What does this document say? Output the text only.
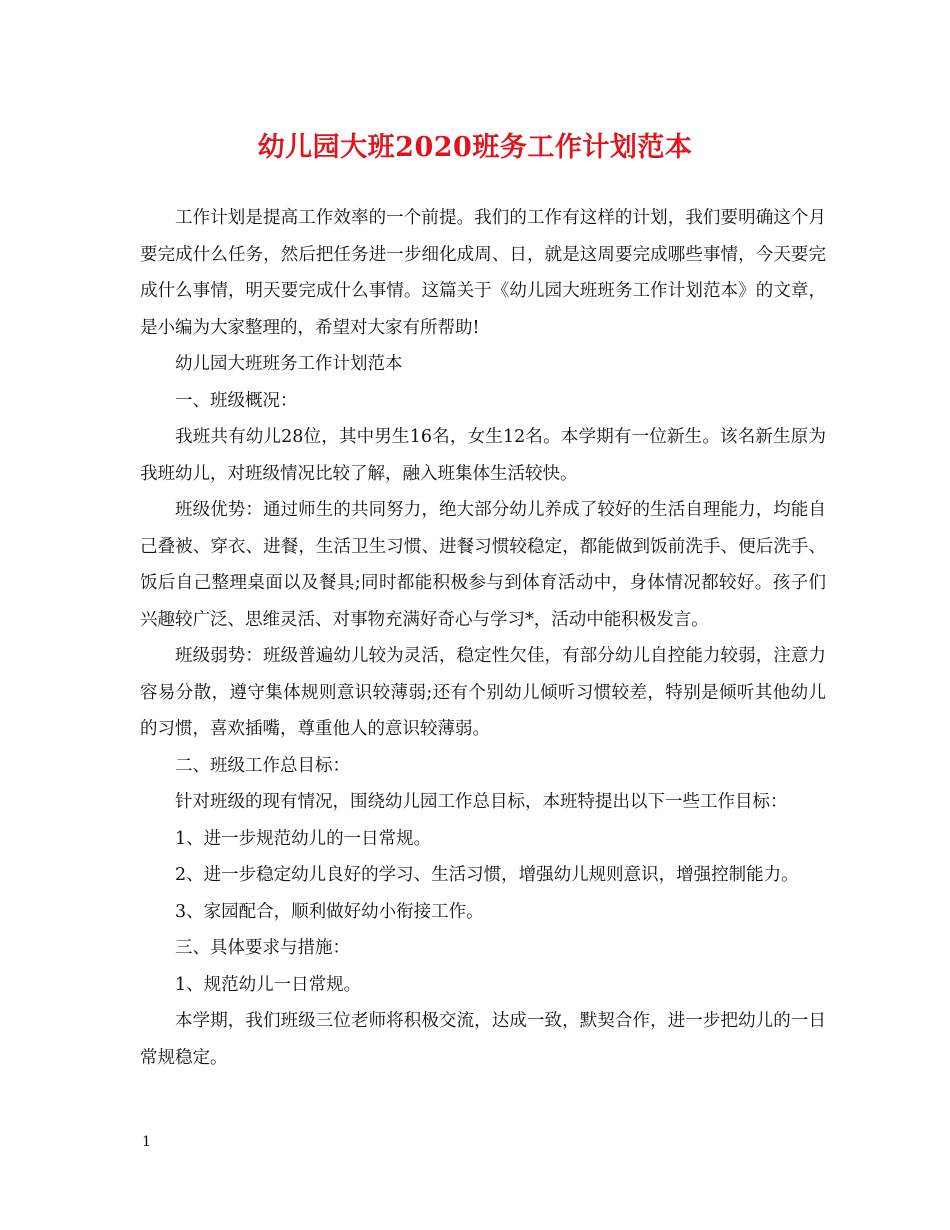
幼儿园大班2020班务工作计划范本

工作计划是提高工作效率的一个前提。我们的工作有这样的计划，我们要明确这个月要完成什么任务，然后把任务进一步细化成周、日，就是这周要完成哪些事情，今天要完成什么事情，明天要完成什么事情。这篇关于《幼儿园大班班务工作计划范本》的文章，是小编为大家整理的，希望对大家有所帮助!

幼儿园大班班务工作计划范本

一、班级概况：

我班共有幼儿28位，其中男生16名，女生12名。本学期有一位新生。该名新生原为我班幼儿，对班级情况比较了解，融入班集体生活较快。

班级优势：通过师生的共同努力，绝大部分幼儿养成了较好的生活自理能力，均能自己叠被、穿衣、进餐，生活卫生习惯、进餐习惯较稳定，都能做到饭前洗手、便后洗手、饭后自己整理桌面以及餐具;同时都能积极参与到体育活动中，身体情况都较好。孩子们兴趣较广泛、思维灵活、对事物充满好奇心与学习*，活动中能积极发言。

班级弱势：班级普遍幼儿较为灵活，稳定性欠佳，有部分幼儿自控能力较弱，注意力容易分散，遵守集体规则意识较薄弱;还有个别幼儿倾听习惯较差，特别是倾听其他幼儿的习惯，喜欢插嘴，尊重他人的意识较薄弱。

二、班级工作总目标：

针对班级的现有情况，围绕幼儿园工作总目标，本班特提出以下一些工作目标：

1、进一步规范幼儿的一日常规。

2、进一步稳定幼儿良好的学习、生活习惯，增强幼儿规则意识，增强控制能力。

3、家园配合，顺利做好幼小衔接工作。

三、具体要求与措施：

1、规范幼儿一日常规。

本学期，我们班级三位老师将积极交流，达成一致，默契合作，进一步把幼儿的一日常规稳定。

1
